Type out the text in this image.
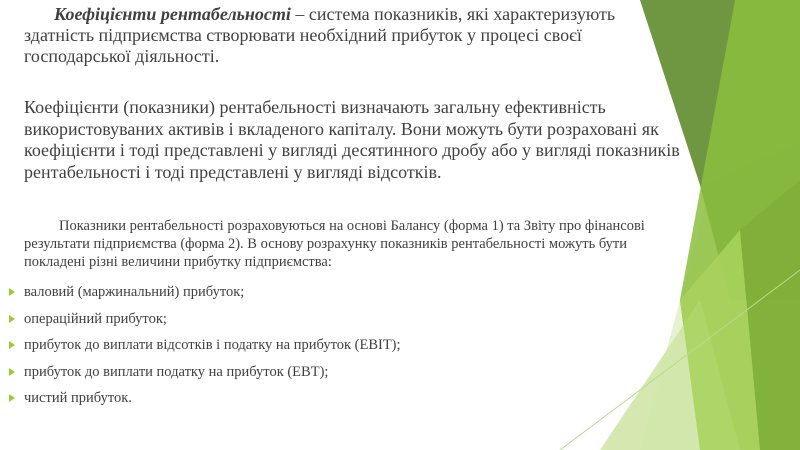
Коефіцієнти рентабельності – система показників, які характеризують здатність підприємства створювати необхідний прибуток у процесі своєї господарської діяльності.

Коефіцієнти (показники) рентабельності визначають загальну ефективність використовуваних активів і вкладеного капіталу. Вони можуть бути розраховані як коефіцієнти і тоді представлені у вигляді десятинного дробу або у вигляді показників рентабельності і тоді представлені у вигляді відсотків.

Показники рентабельності розраховуються на основі Балансу (форма 1) та Звіту про фінансові результати підприємства (форма 2). В основу розрахунку показників рентабельності можуть бути покладені різні величини прибутку підприємства:

валовий (маржинальний) прибуток;
операційний прибуток;
прибуток до виплати відсотків і податку на прибуток (EBIT);
прибуток до виплати податку на прибуток (EBT);
чистий прибуток.
